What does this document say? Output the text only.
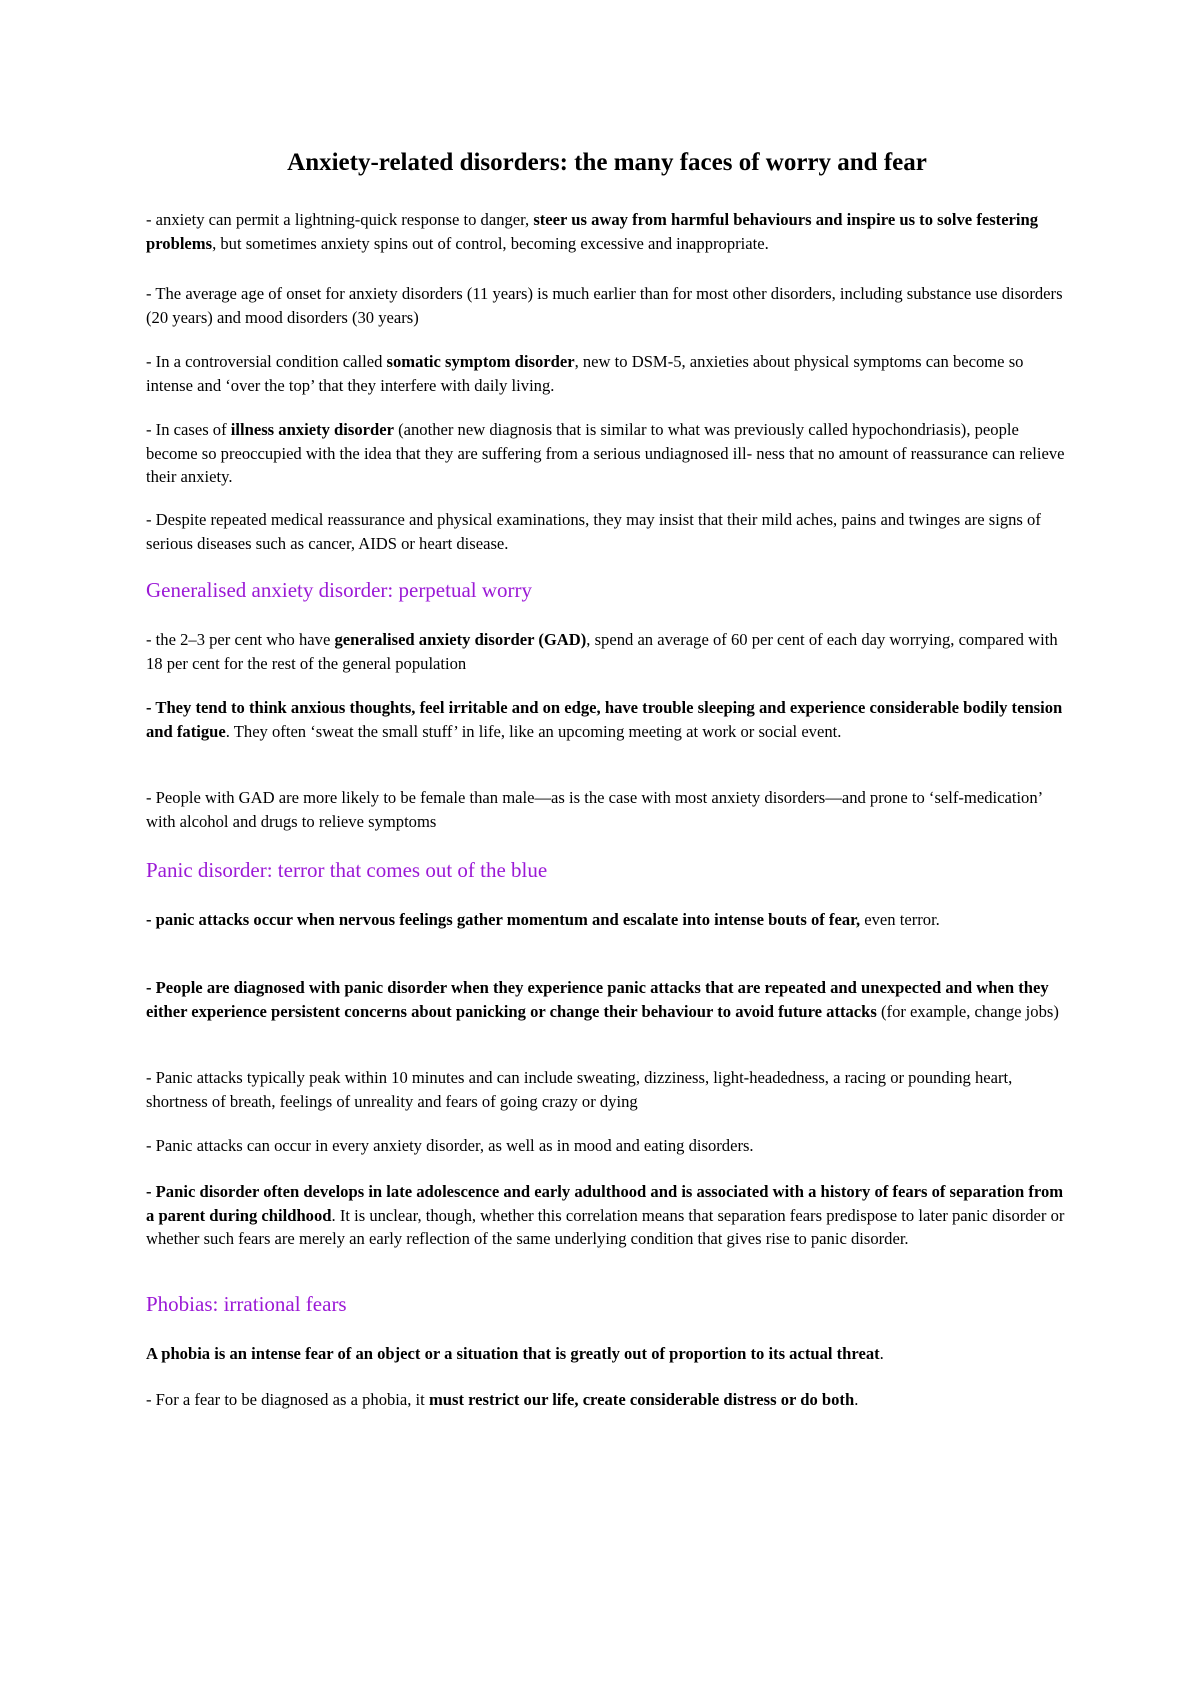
Anxiety-related disorders: the many faces of worry and fear

- anxiety can permit a lightning-quick response to danger, steer us away from harmful behaviours and inspire us to solve festering problems, but sometimes anxiety spins out of control, becoming excessive and inappropriate.

- The average age of onset for anxiety disorders (11 years) is much earlier than for most other disorders, including substance use disorders (20 years) and mood disorders (30 years)

- In a controversial condition called somatic symptom disorder, new to DSM-5, anxieties about physical symptoms can become so intense and ‘over the top’ that they interfere with daily living.

- In cases of illness anxiety disorder (another new diagnosis that is similar to what was previously called hypochondriasis), people become so preoccupied with the idea that they are suffering from a serious undiagnosed ill- ness that no amount of reassurance can relieve their anxiety.

- Despite repeated medical reassurance and physical examinations, they may insist that their mild aches, pains and twinges are signs of serious diseases such as cancer, AIDS or heart disease.

Generalised anxiety disorder: perpetual worry

- the 2–3 per cent who have generalised anxiety disorder (GAD), spend an average of 60 per cent of each day worrying, compared with 18 per cent for the rest of the general population

- They tend to think anxious thoughts, feel irritable and on edge, have trouble sleeping and experience considerable bodily tension and fatigue. They often ‘sweat the small stuff’ in life, like an upcoming meeting at work or social event.

- People with GAD are more likely to be female than male—as is the case with most anxiety disorders—and prone to ‘self-medication’ with alcohol and drugs to relieve symptoms

Panic disorder: terror that comes out of the blue

- panic attacks occur when nervous feelings gather momentum and escalate into intense bouts of fear, even terror.

- People are diagnosed with panic disorder when they experience panic attacks that are repeated and unexpected and when they either experience persistent concerns about panicking or change their behaviour to avoid future attacks (for example, change jobs)

- Panic attacks typically peak within 10 minutes and can include sweating, dizziness, light-headedness, a racing or pounding heart, shortness of breath, feelings of unreality and fears of going crazy or dying

- Panic attacks can occur in every anxiety disorder, as well as in mood and eating disorders.

- Panic disorder often develops in late adolescence and early adulthood and is associated with a history of fears of separation from a parent during childhood. It is unclear, though, whether this correlation means that separation fears predispose to later panic disorder or whether such fears are merely an early reflection of the same underlying condition that gives rise to panic disorder.

Phobias: irrational fears

A phobia is an intense fear of an object or a situation that is greatly out of proportion to its actual threat.

- For a fear to be diagnosed as a phobia, it must restrict our life, create considerable distress or do both.
